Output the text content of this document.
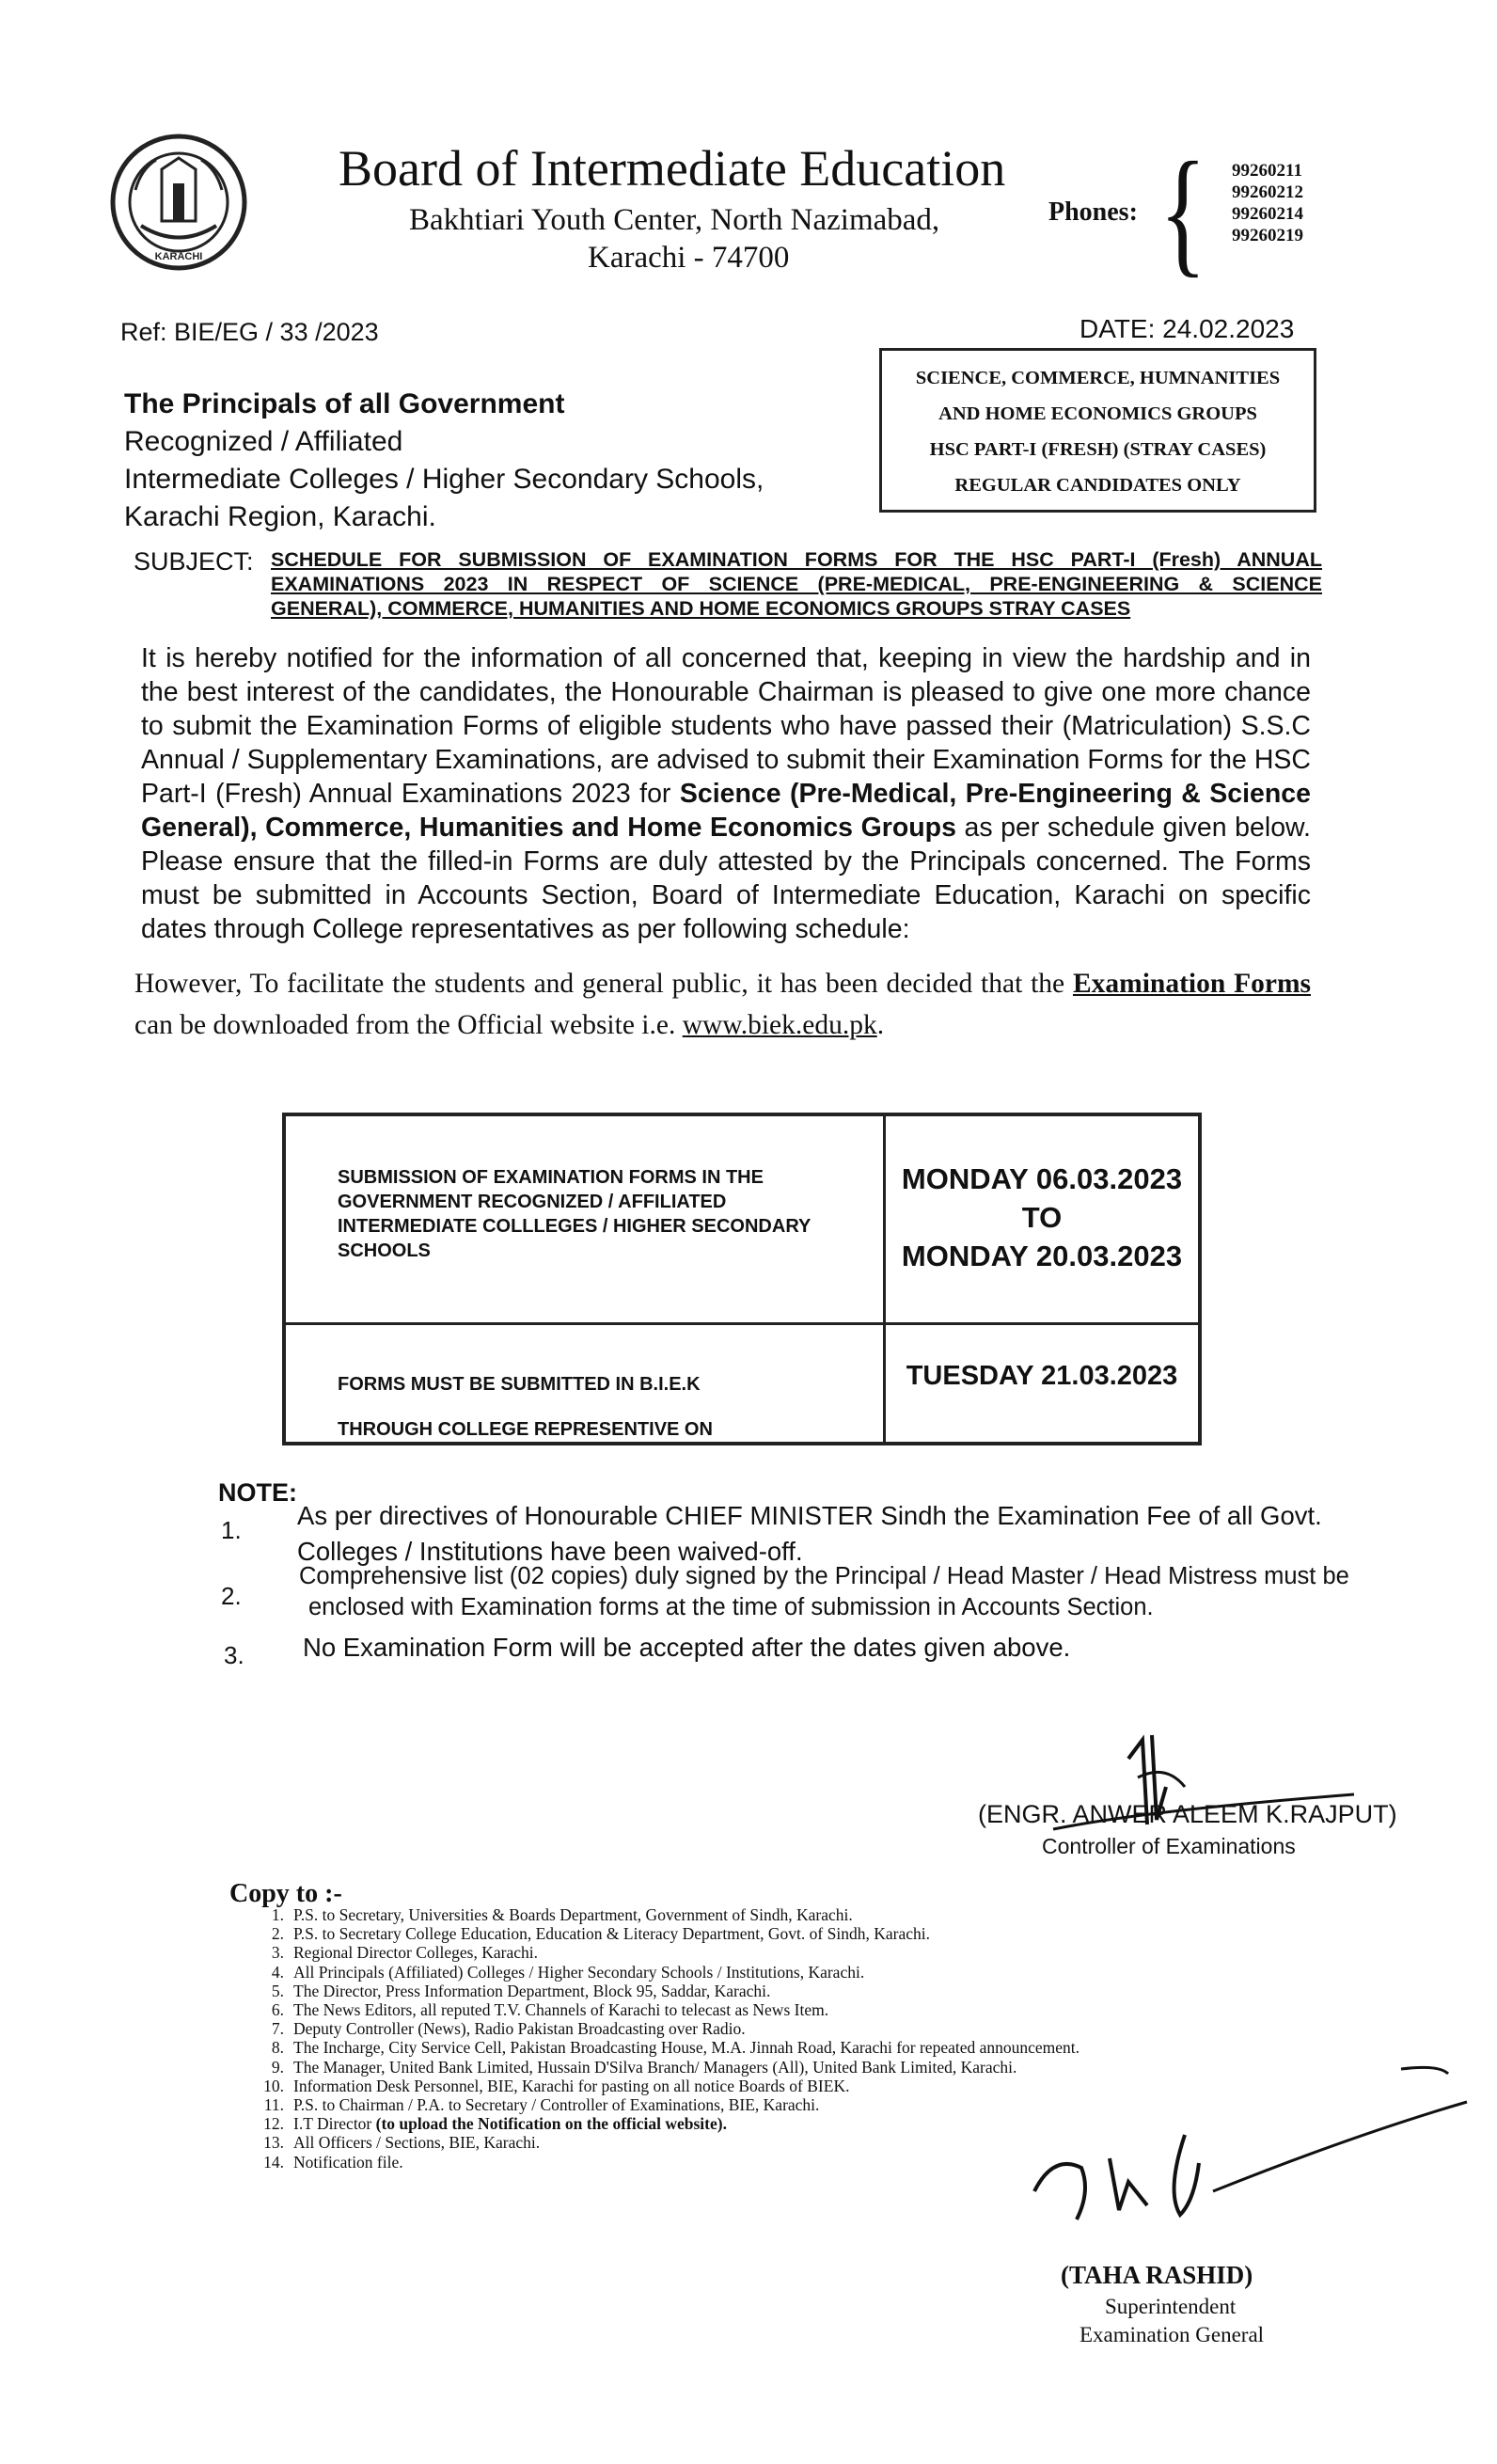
KARACHI
Board of Intermediate Education
Bakhtiari Youth Center, North Nazimabad,
Karachi - 74700
Phones: { 99260211
99260212
99260214
99260219
Ref: BIE/EG / 33 /2023	DATE: 24.02.2023
SCIENCE, COMMERCE, HUMNANITIES
AND HOME ECONOMICS GROUPS
HSC PART-I (FRESH) (STRAY CASES)
REGULAR CANDIDATES ONLY
The Principals of all Government
Recognized / Affiliated
Intermediate Colleges / Higher Secondary Schools,
Karachi Region, Karachi.
SUBJECT: SCHEDULE FOR SUBMISSION OF EXAMINATION FORMS FOR THE HSC PART-I (Fresh) ANNUAL
EXAMINATIONS 2023 IN RESPECT OF SCIENCE (PRE-MEDICAL, PRE-ENGINEERING & SCIENCE
GENERAL), COMMERCE, HUMANITIES AND HOME ECONOMICS GROUPS STRAY CASES
It is hereby notified for the information of all concerned that, keeping in view the hardship and in the best interest of the candidates, the Honourable Chairman is pleased to give one more chance to submit the Examination Forms of eligible students who have passed their (Matriculation) S.S.C Annual / Supplementary Examinations, are advised to submit their Examination Forms for the HSC Part-I (Fresh) Annual Examinations 2023 for Science (Pre-Medical, Pre-Engineering & Science General), Commerce, Humanities and Home Economics Groups as per schedule given below. Please ensure that the filled-in Forms are duly attested by the Principals concerned. The Forms must be submitted in Accounts Section, Board of Intermediate Education, Karachi on specific dates through College representatives as per following schedule:
However, To facilitate the students and general public, it has been decided that the Examination Forms can be downloaded from the Official website i.e. www.biek.edu.pk.
SUBMISSION OF EXAMINATION FORMS IN THE GOVERNMENT RECOGNIZED / AFFILIATED INTERMEDIATE COLLLEGES / HIGHER SECONDARY SCHOOLS	MONDAY 06.03.2023
TO
MONDAY 20.03.2023

FORMS MUST BE SUBMITTED IN B.I.E.K
THROUGH COLLEGE REPRESENTIVE ON	TUESDAY 21.03.2023
NOTE:
1. As per directives of Honourable CHIEF MINISTER Sindh the Examination Fee of all Govt.
Colleges / Institutions have been waived-off.
2.
Comprehensive list (02 copies) duly signed by the Principal / Head Master / Head Mistress must be
enclosed with Examination forms at the time of submission in Accounts Section.
3. No Examination Form will be accepted after the dates given above.
(ENGR. ANWER ALEEM K.RAJPUT)
Controller of Examinations
Copy to :-
1. P.S. to Secretary, Universities & Boards Department, Government of Sindh, Karachi.
2. P.S. to Secretary College Education, Education & Literacy Department, Govt. of Sindh, Karachi.
3. Regional Director Colleges, Karachi.
4. All Principals (Affiliated) Colleges / Higher Secondary Schools / Institutions, Karachi.
5. The Director, Press Information Department, Block 95, Saddar, Karachi.
6. The News Editors, all reputed T.V. Channels of Karachi to telecast as News Item.
7. Deputy Controller (News), Radio Pakistan Broadcasting over Radio.
8. The Incharge, City Service Cell, Pakistan Broadcasting House, M.A. Jinnah Road, Karachi for repeated announcement.
9. The Manager, United Bank Limited, Hussain D'Silva Branch/ Managers (All), United Bank Limited, Karachi.
10. Information Desk Personnel, BIE, Karachi for pasting on all notice Boards of BIEK.
11. P.S. to Chairman / P.A. to Secretary / Controller of Examinations, BIE, Karachi.
12. I.T Director (to upload the Notification on the official website).
13. All Officers / Sections, BIE, Karachi.
14. Notification file.
(TAHA RASHID)
Superintendent
Examination General
